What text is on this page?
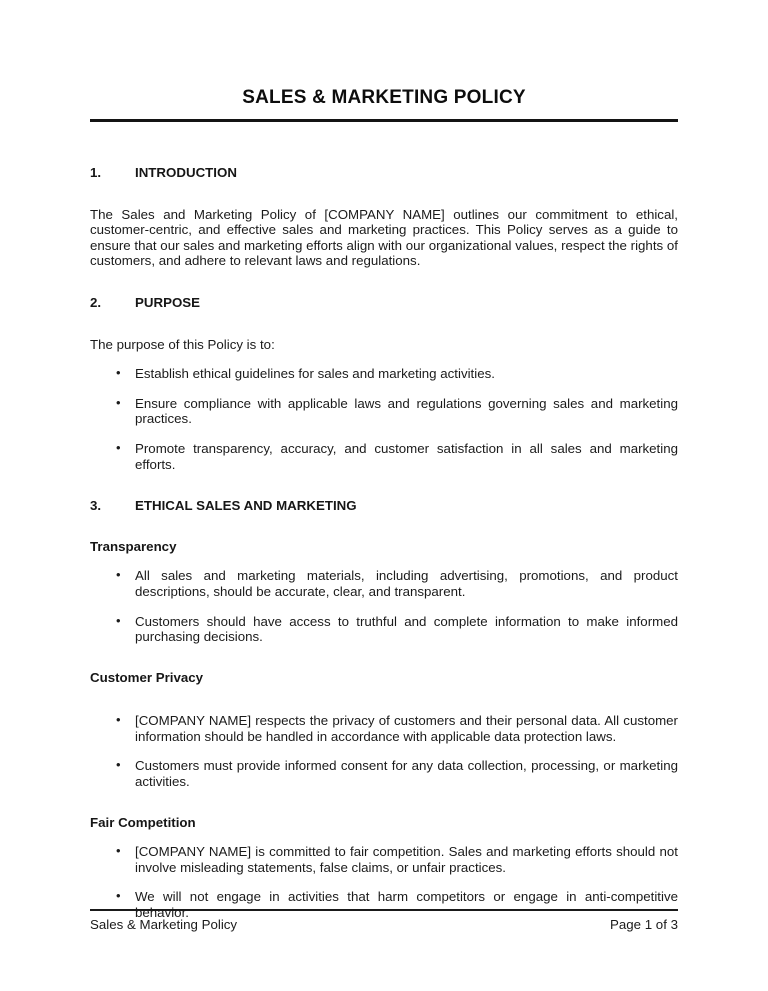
SALES & MARKETING POLICY
1.	INTRODUCTION

The Sales and Marketing Policy of [COMPANY NAME] outlines our commitment to ethical, customer-centric, and effective sales and marketing practices. This Policy serves as a guide to ensure that our sales and marketing efforts align with our organizational values, respect the rights of customers, and adhere to relevant laws and regulations.

2.	PURPOSE

The purpose of this Policy is to:

• Establish ethical guidelines for sales and marketing activities.
• Ensure compliance with applicable laws and regulations governing sales and marketing practices.
• Promote transparency, accuracy, and customer satisfaction in all sales and marketing efforts.
3.	ETHICAL SALES AND MARKETING
Transparency
• All sales and marketing materials, including advertising, promotions, and product descriptions, should be accurate, clear, and transparent.
• Customers should have access to truthful and complete information to make informed purchasing decisions.
Customer Privacy
• [COMPANY NAME] respects the privacy of customers and their personal data. All customer information should be handled in accordance with applicable data protection laws.
• Customers must provide informed consent for any data collection, processing, or marketing activities.
Fair Competition
• [COMPANY NAME] is committed to fair competition. Sales and marketing efforts should not involve misleading statements, false claims, or unfair practices.
• We will not engage in activities that harm competitors or engage in anti-competitive behavior.
Sales & Marketing Policy	Page 1 of 3
